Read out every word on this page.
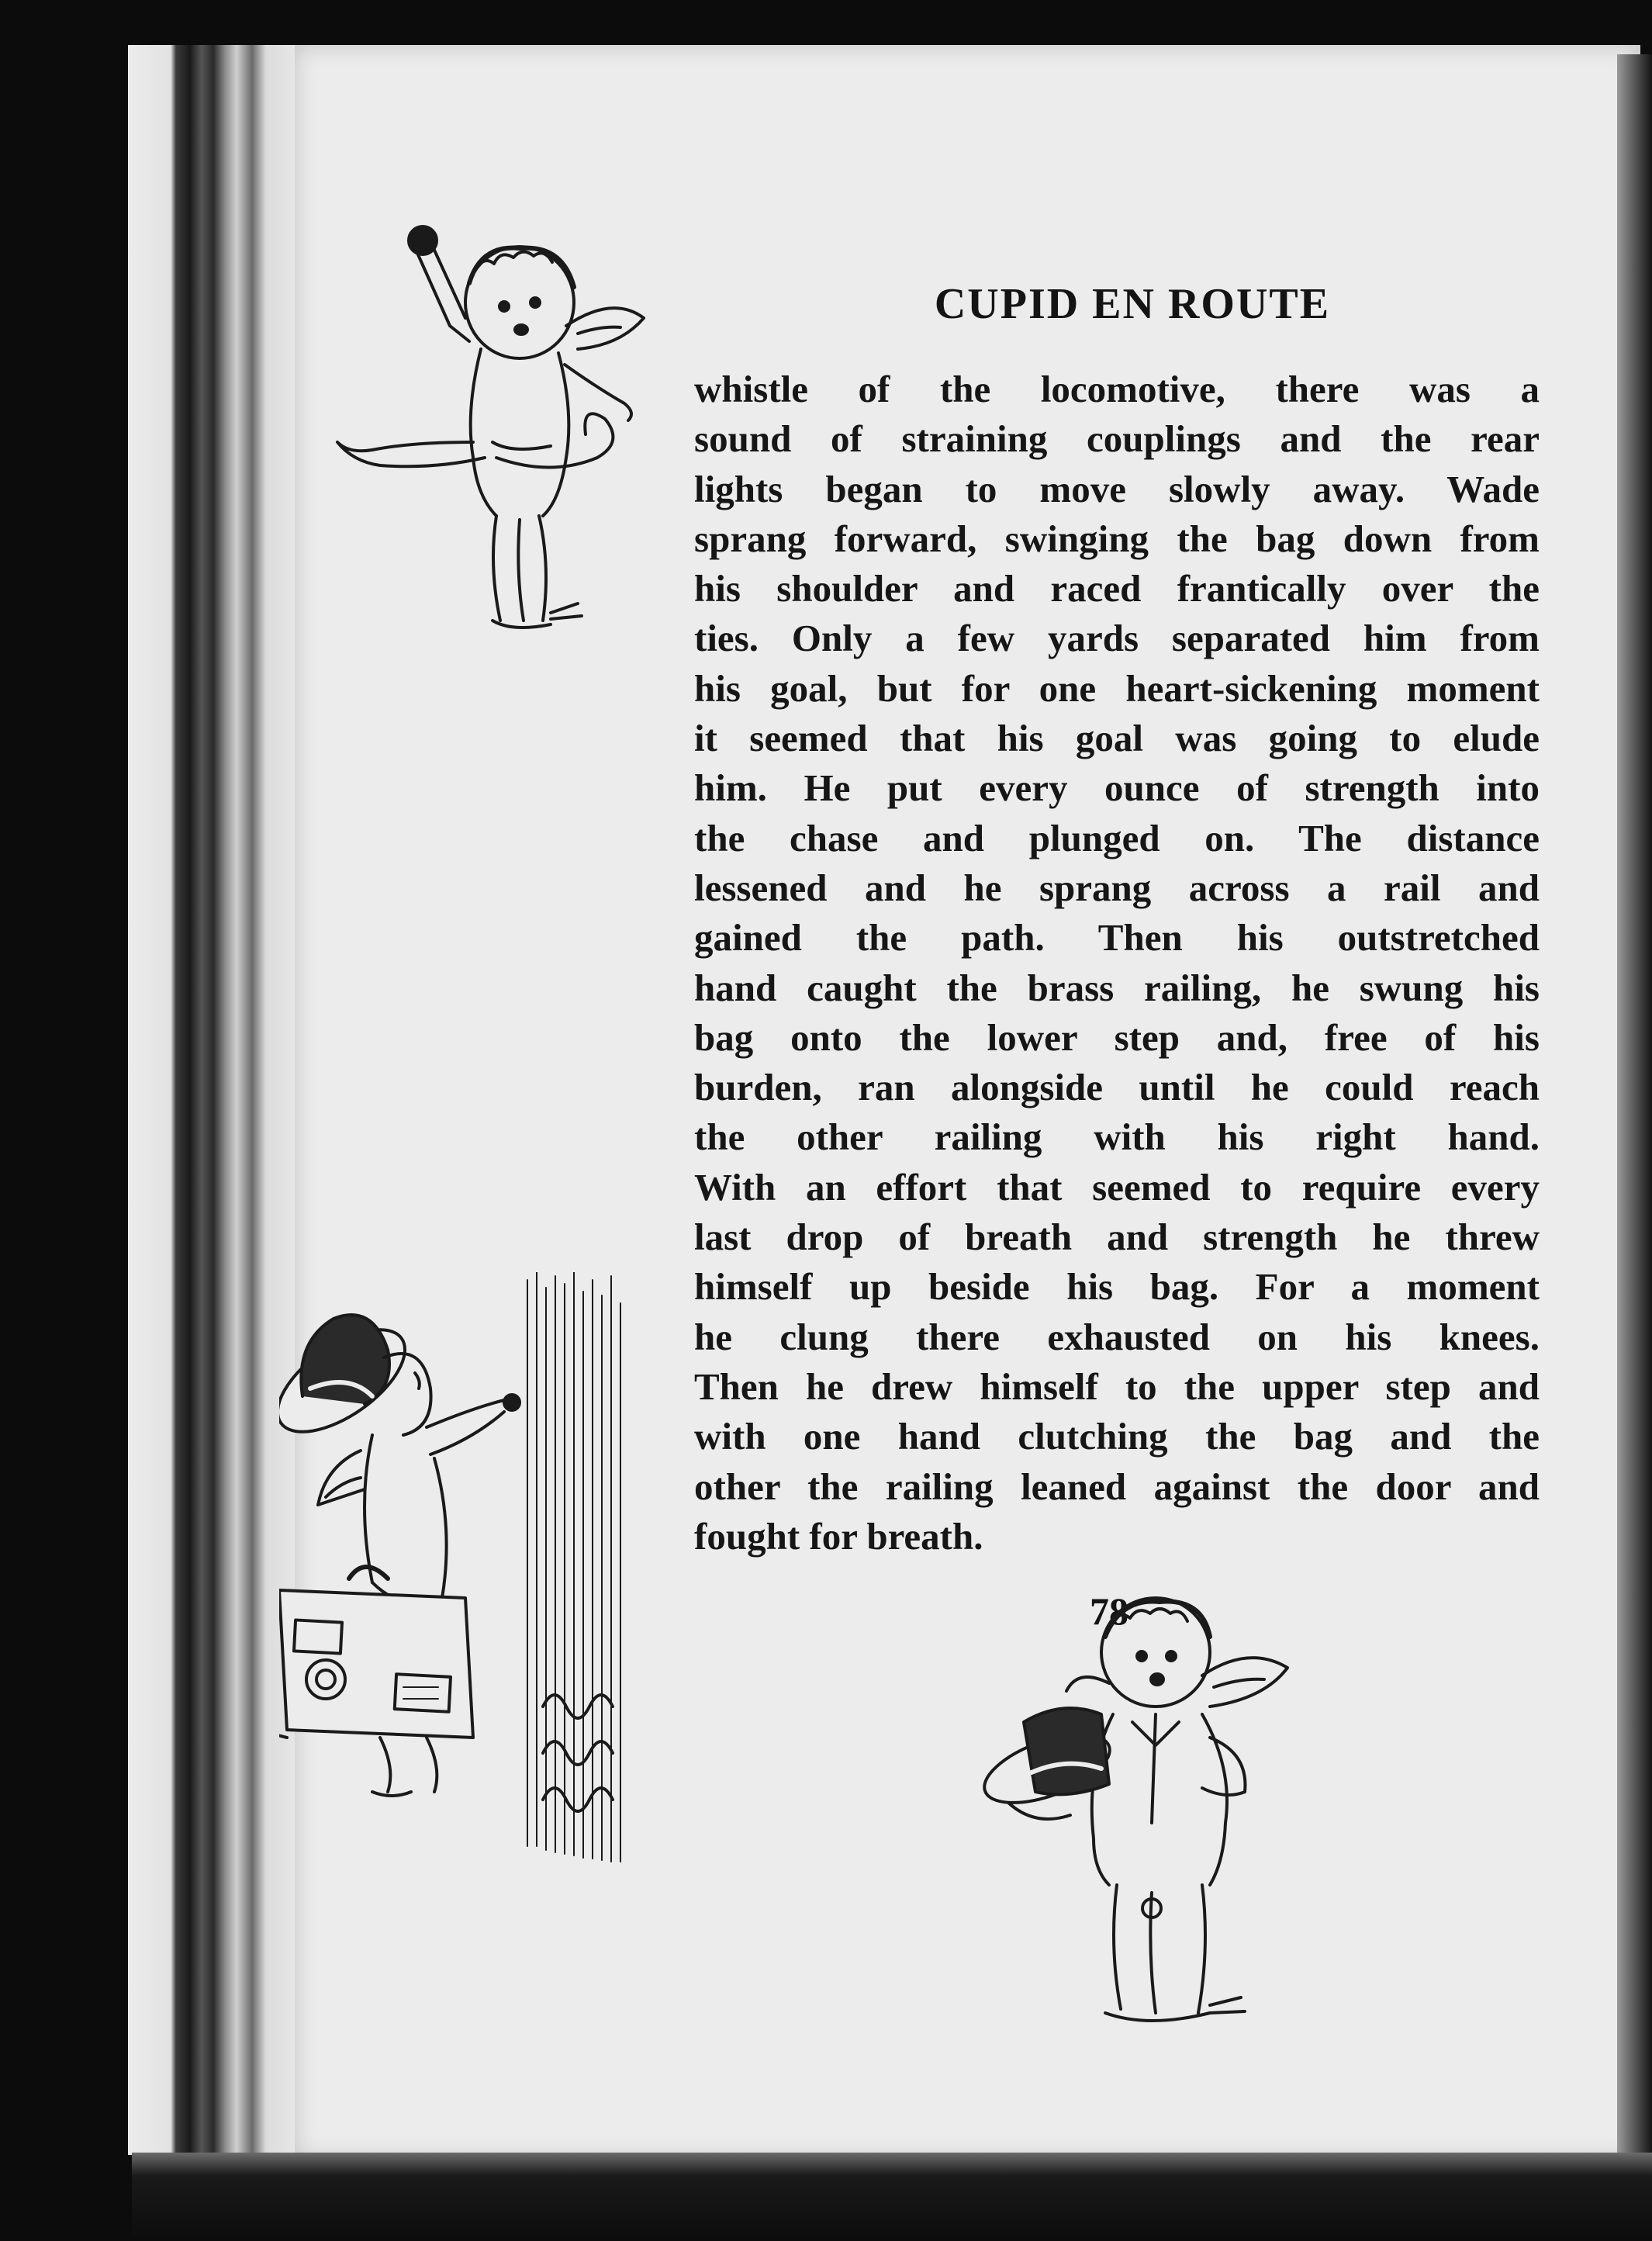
CUPID EN ROUTE
whistle of the locomotive, there was a
sound of straining couplings and the rear
lights began to move slowly away. Wade
sprang forward, swinging the bag down from
his shoulder and raced frantically over the
ties. Only a few yards separated him from
his goal, but for one heart-sickening moment
it seemed that his goal was going to elude
him. He put every ounce of strength into
the chase and plunged on. The distance
lessened and he sprang across a rail and
gained the path. Then his outstretched
hand caught the brass railing, he swung his
bag onto the lower step and, free of his
burden, ran alongside until he could reach
the other railing with his right hand.
With an effort that seemed to require every
last drop of breath and strength he threw
himself up beside his bag. For a moment
he clung there exhausted on his knees.
Then he drew himself to the upper step and
with one hand clutching the bag and the
other the railing leaned against the door and
fought for breath.
78
